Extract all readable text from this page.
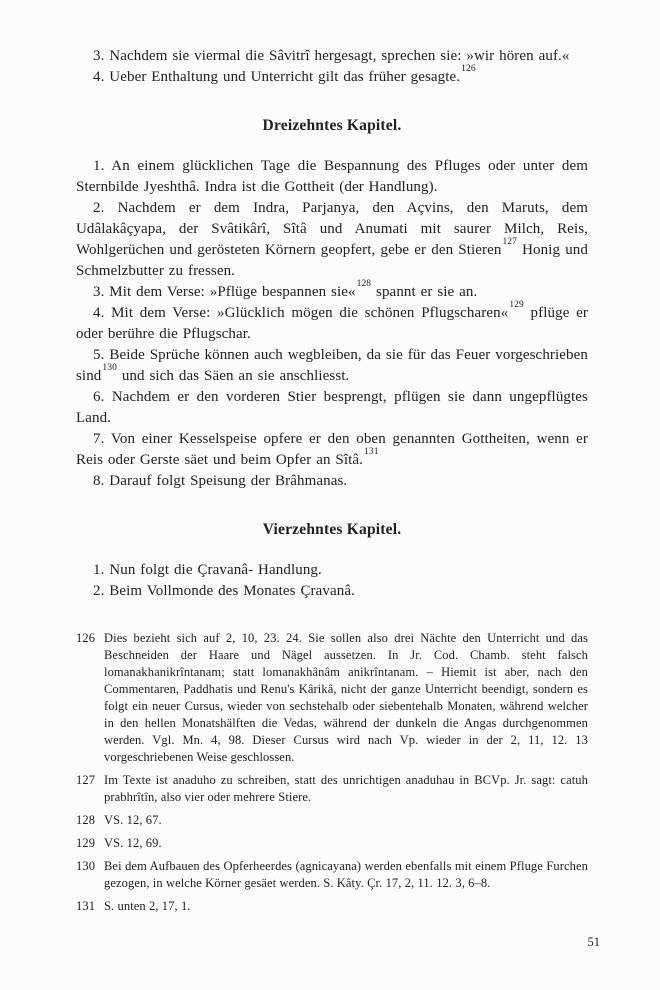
3. Nachdem sie viermal die Sâvitrî hergesagt, sprechen sie: »wir hören auf.«

4. Ueber Enthaltung und Unterricht gilt das früher gesagte.$^{126}$

Dreizehntes Kapitel.

1. An einem glücklichen Tage die Bespannung des Pfluges oder unter dem Sternbilde Jyeshthâ. Indra ist die Gottheit (der Handlung).

2. Nachdem er dem Indra, Parjanya, den Açvins, den Maruts, dem Udâlakâçyapa, der Svâtikârî, Sîtâ und Anumati mit saurer Milch, Reis, Wohlgerüchen und gerösteten Körnern geopfert, gebe er den Stieren$^{127}$ Honig und Schmelzbutter zu fressen.

3. Mit dem Verse: »Pflüge bespannen sie«$^{128}$ spannt er sie an.

4. Mit dem Verse: »Glücklich mögen die schönen Pflugscharen«$^{129}$ pflüge er oder berühre die Pflugschar.

5. Beide Sprüche können auch wegbleiben, da sie für das Feuer vorgeschrieben sind$^{130}$ und sich das Säen an sie anschliesst.

6. Nachdem er den vorderen Stier besprengt, pflügen sie dann ungepflügtes Land.

7. Von einer Kesselspeise opfere er den oben genannten Gottheiten, wenn er Reis oder Gerste säet und beim Opfer an Sîtâ.$^{131}$

8. Darauf folgt Speisung der Brâhmanas.

Vierzehntes Kapitel.

1. Nun folgt die Çravanâ- Handlung.

2. Beim Vollmonde des Monates Çravanâ.

126 Dies bezieht sich auf 2, 10, 23. 24. Sie sollen also drei Nächte den Unterricht und das Beschneiden der Haare und Nägel aussetzen. In Jr. Cod. Chamb. steht falsch lomanakhanikrîntanam; statt lomanakhânâm anikrîntanam. – Hiemit ist aber, nach den Commentaren, Paddhatis und Renu's Kârikâ, nicht der ganze Unterricht beendigt, sondern es folgt ein neuer Cursus, wieder von sechstehalb oder siebentehalb Monaten, während welcher in den hellen Monatshälften die Vedas, während der dunkeln die Angas durchgenommen werden. Vgl. Mn. 4, 98. Dieser Cursus wird nach Vp. wieder in der 2, 11, 12. 13 vorgeschriebenen Weise geschlossen.
127 Im Texte ist anaduho zu schreiben, statt des unrichtigen anaduhau in BCVp. Jr. sagt: catuh prabhrîtîn, also vier oder mehrere Stiere.
128 VS. 12, 67.
129 VS. 12, 69.
130 Bei dem Aufbauen des Opferheerdes (agnicayana) werden ebenfalls mit einem Pfluge Furchen gezogen, in welche Körner gesäet werden. S. Kâty. Çr. 17, 2, 11. 12. 3, 6–8.
131 S. unten 2, 17, 1.
51
